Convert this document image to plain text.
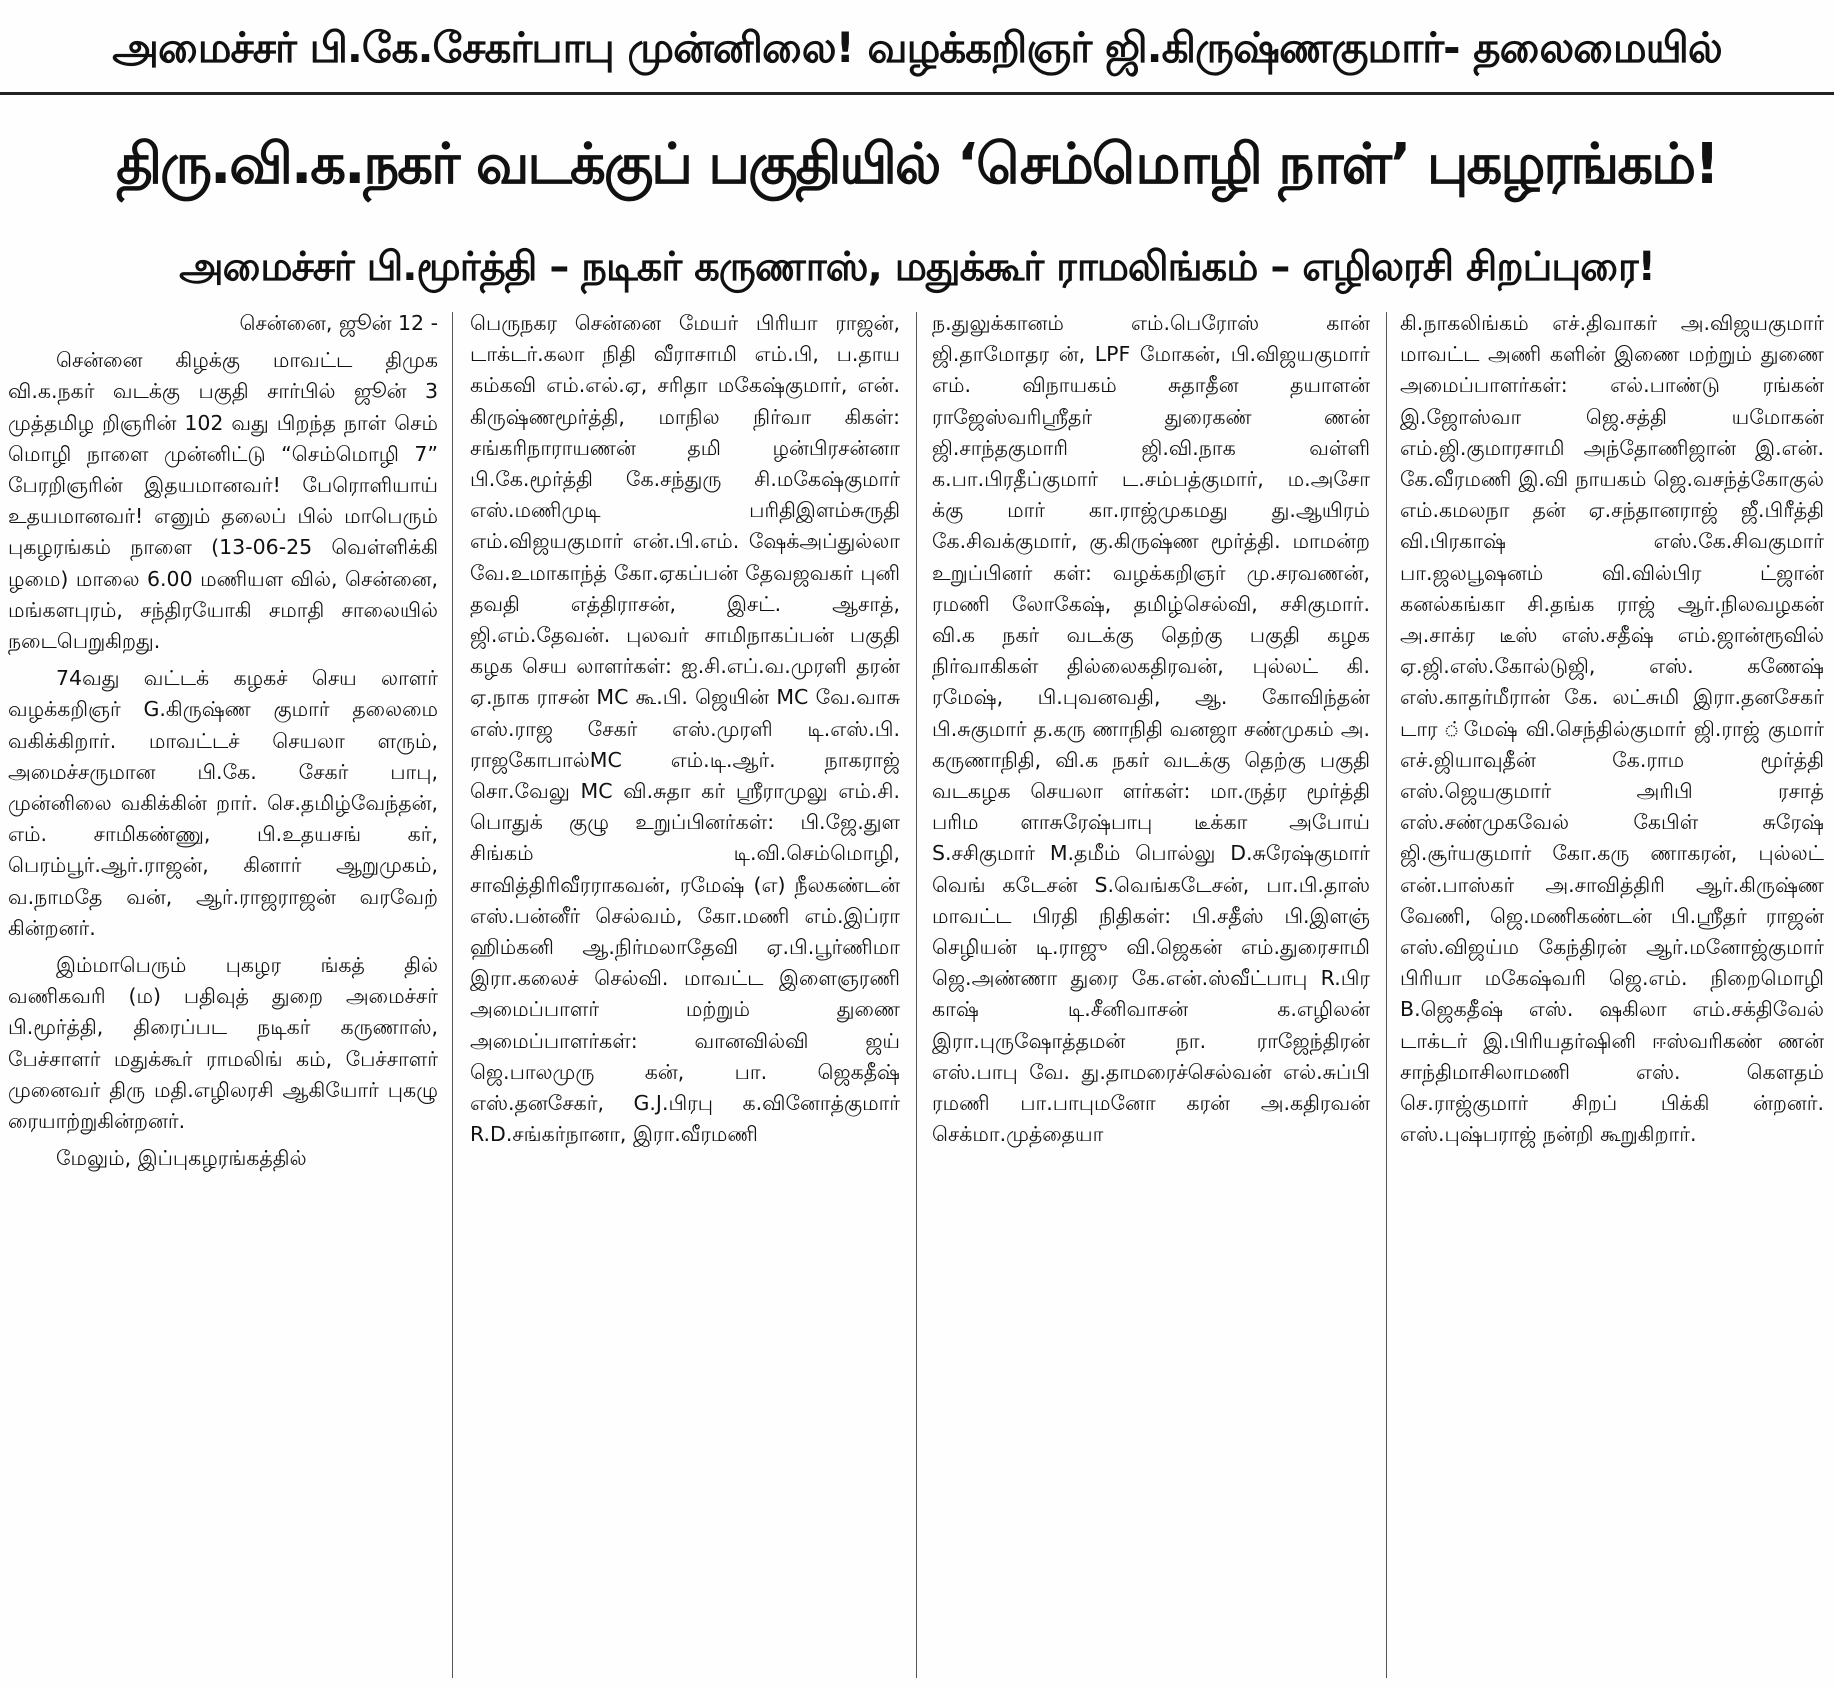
அமைச்சர் பி.கே.சேகர்பாபு முன்னிலை! வழக்கறிஞர் ஜி.கிருஷ்ணகுமார்- தலைமையில்
திரு.வி.க.நகர் வடக்குப் பகுதியில் ‘செம்மொழி நாள்’ புகழரங்கம்!
அமைச்சர் பி.மூர்த்தி – நடிகர் கருணாஸ், மதுக்கூர் ராமலிங்கம் – எழிலரசி சிறப்புரை!

சென்னை, ஜூன் 12 -

சென்னை கிழக்கு மாவட்ட திமுக வி.க.நகர் வடக்கு பகுதி சார்பில் ஜூன் 3 முத்தமிழ றிஞரின் 102 வது பிறந்த நாள் செம் மொழி நாளை முன்னிட்டு “செம்மொழி 7” பேரறிஞரின் இதயமானவர்! பேரொளியாய் உதயமானவர்! எனும் தலைப் பில் மாபெரும் புகழரங்கம் நாளை (13-06-25 வெள்ளிக்கி ழமை) மாலை 6.00 மணியள வில், சென்னை, மங்களபுரம், சந்திரயோகி சமாதி சாலையில் நடைபெறுகிறது.

74வது வட்டக் கழகச் செய லாளர் வழக்கறிஞர் G.கிருஷ்ண குமார் தலைமை வகிக்கிறார். மாவட்டச் செயலா ளரும், அமைச்சருமான பி.கே. சேகர் பாபு, முன்னிலை வகிக்கின் றார். செ.தமிழ்வேந்தன், எம். சாமிகண்ணு, பி.உதயசங் கர், பெரம்பூர்.ஆர்.ராஜன், கினார் ஆறுமுகம், வ.நாமதே வன், ஆர்.ராஜராஜன் வரவேற் கின்றனர்.

இம்மாபெரும் புகழர ங்கத் தில் வணிகவரி (ம) பதிவுத் துறை அமைச்சர் பி.மூர்த்தி, திரைப்பட நடிகர் கருணாஸ், பேச்சாளர் மதுக்கூர் ராமலிங் கம், பேச்சாளர் முனைவர் திரு மதி.எழிலரசி ஆகியோர் புகழு ரையாற்றுகின்றனர்.

மேலும், இப்புகழரங்கத்தில்

பெருநகர சென்னை மேயர் பிரியா ராஜன், டாக்டர்.கலா நிதி வீராசாமி எம்.பி, ப.தாய கம்கவி எம்.எல்.ஏ, சரிதா மகேஷ்குமார், என். கிருஷ்ணமூர்த்தி, மாநில நிர்வா கிகள்: சங்கரிநாராயணன் தமி ழன்பிரசன்னா பி.கே.மூர்த்தி கே.சந்துரு சி.மகேஷ்குமார் எஸ்.மணிமுடி பரிதிஇளம்சுருதி எம்.விஜயகுமார் என்.பி.எம். ஷேக்அப்துல்லா வே.உமாகாந்த் கோ.ஏகப்பன் தேவஜவகர் புனி தவதி எத்திராசன், இசட். ஆசாத், ஜி.எம்.தேவன். புலவர் சாமிநாகப்பன் பகுதி கழக செய லாளர்கள்: ஐ.சி.எப்.வ.முரளி தரன் ஏ.நாக ராசன் MC கூ.பி. ஜெயின் MC வே.வாசு எஸ்.ராஜ சேகர் எஸ்.முரளி டி.எஸ்.பி. ராஜகோபால்MC எம்.டி.ஆர். நாகராஜ் சொ.வேலு MC வி.சுதா கர் ஸ்ரீராமுலு எம்.சி. பொதுக் குழு உறுப்பினர்கள்: பி.ஜே.துள சிங்கம் டி.வி.செம்மொழி, சாவித்திரிவீரராகவன், ரமேஷ் (எ) நீலகண்டன் எஸ்.பன்னீர் செல்வம், கோ.மணி எம்.இப்ரா ஹிம்கனி ஆ.நிர்மலாதேவி ஏ.பி.பூர்ணிமா இரா.கலைச் செல்வி. மாவட்ட இளைஞரணி அமைப்பாளர் மற்றும் துணை அமைப்பாளர்கள்: வானவில்வி ஜய் ஜெ.பாலமுரு கன், பா. ஜெகதீஷ் எஸ்.தனசேகர், G.J.பிரபு க.வினோத்குமார் R.D.சங்கர்நானா, இரா.வீரமணி

ந.துலுக்கானம் எம்.பெரோஸ் கான் ஜி.தாமோதர ன், LPF மோகன், பி.விஜயகுமார் எம். விநாயகம் சுதாதீன தயாளன் ராஜேஸ்வரிஸ்ரீதர் துரைகண் ணன் ஜி.சாந்தகுமாரி ஜி.வி.நாக வள்ளி க.பா.பிரதீப்குமார் ட.சம்பத்குமார், ம.அசோ க்கு மார் கா.ராஜ்முகமது து.ஆயிரம் கே.சிவக்குமார், கு.கிருஷ்ண மூர்த்தி. மாமன்ற உறுப்பினர் கள்: வழக்கறிஞர் மு.சரவணன், ரமணி லோகேஷ், தமிழ்செல்வி, சசிகுமார். வி.க நகர் வடக்கு தெற்கு பகுதி கழக நிர்வாகிகள் தில்லைகதிரவன், புல்லட் கி. ரமேஷ், பி.புவனவதி, ஆ. கோவிந்தன் பி.சுகுமார் த.கரு ணாநிதி வனஜா சண்முகம் அ. கருணாநிதி, வி.க நகர் வடக்கு தெற்கு பகுதி வடகழக செயலா ளர்கள்: மா.ருத்ர மூர்த்தி பரிம ளாசுரேஷ்பாபு டீக்கா அபோய் S.சசிகுமார் M.தமீம் பொல்லு D.சுரேஷ்குமார் வெங் கடேசன் S.வெங்கடேசன், பா.பி.தாஸ் மாவட்ட பிரதி நிதிகள்: பி.சதீஸ் பி.இளஞ் செழியன் டி.ராஜு வி.ஜெகன் எம்.துரைசாமி ஜெ.அண்ணா துரை கே.என்.ஸ்வீட்பாபு R.பிர காஷ் டி.சீனிவாசன் க.எழிலன் இரா.புருஷோத்தமன் நா. ராஜேந்திரன் எஸ்.பாபு வே. து.தாமரைச்செல்வன் எல்.சுப்பி ரமணி பா.பாபுமனோ கரன் அ.கதிரவன் செக்மா.முத்தையா

கி.நாகலிங்கம் எச்.திவாகர் அ.விஜயகுமார் மாவட்ட அணி களின் இணை மற்றும் துணை அமைப்பாளர்கள்: எல்.பாண்டு ரங்கன் இ.ஜோஸ்வா ஜெ.சத்தி யமோகன் எம்.ஜி.குமாரசாமி அந்தோணிஜான் இ.என். கே.வீரமணி இ.வி நாயகம் ஜெ.வசந்த்கோகுல் எம்.கமலநா தன் ஏ.சந்தானராஜ் ஜீ.பிரீத்தி வி.பிரகாஷ் எஸ்.கே.சிவகுமார் பா.ஜலபூஷனம் வி.வில்பிர ட்ஜான் கனல்கங்கா சி.தங்க ராஜ் ஆர்.நிலவழகன் அ.சாக்ர டீஸ் எஸ்.சதீஷ் எம்.ஜான்ரூவில் ஏ.ஜி.எஸ்.கோல்டுஜி, எஸ். கணேஷ் எஸ்.காதர்மீரான் கே. லட்சுமி இரா.தனசேகர் டார ்மேஷ் வி.செந்தில்குமார் ஜி.ராஜ் குமார் எச்.ஜியாவுதீன் கே.ராம மூர்த்தி எஸ்.ஜெயகுமார் அரிபி ரசாத் எஸ்.சண்முகவேல் கேபிள் சுரேஷ் ஜி.சூர்யகுமார் கோ.கரு ணாகரன், புல்லட் என்.பாஸ்கர் அ.சாவித்திரி ஆர்.கிருஷ்ண வேணி, ஜெ.மணிகண்டன் பி.ஸ்ரீதர் ராஜன் எஸ்.விஜய்ம கேந்திரன் ஆர்.மனோஜ்குமார் பிரியா மகேஷ்வரி ஜெ.எம். நிறைமொழி B.ஜெகதீஷ் எஸ். ஷகிலா எம்.சக்திவேல் டாக்டர் இ.பிரியதர்ஷினி ஈஸ்வரிகண் ணன் சாந்திமாசிலாமணி எஸ். கௌதம் செ.ராஜ்குமார் சிறப் பிக்கி ன்றனர். எஸ்.புஷ்பராஜ் நன்றி கூறுகிறார்.
